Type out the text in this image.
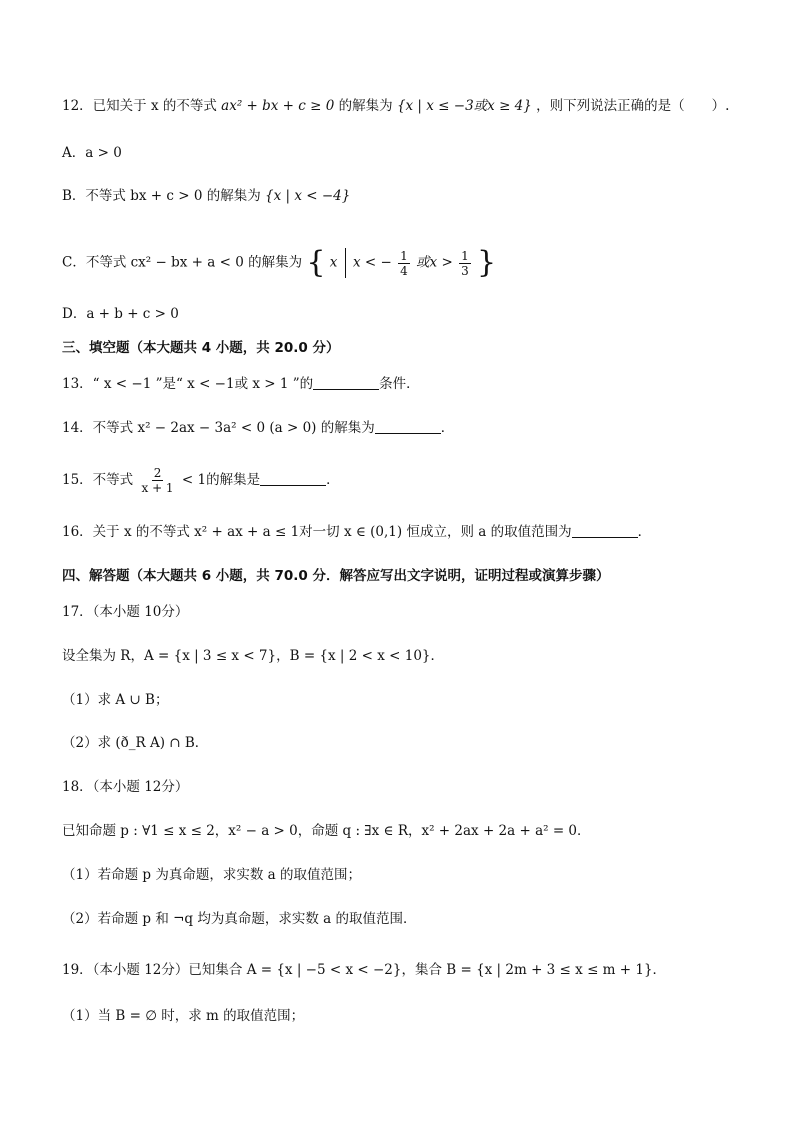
12．已知关于 x 的不等式 ax² + bx + c ≥ 0 的解集为 {x | x ≤ −3或x ≥ 4} ，则下列说法正确的是（　　）.
A．a > 0
B．不等式 bx + c > 0 的解集为 {x | x < −4}
C．不等式 cx² − bx + a < 0 的解集为 { x x < − $\frac{1}{4}$ 或$x > \frac{1}{3}$ }
D．a + b + c > 0
三、填空题（本大题共 4 小题，共 20.0 分）
13．“ x < −1 ”是“ x < −1或 x > 1 ”的	条件．
14．不等式 x² − 2ax − 3a² < 0 (a > 0) 的解集为	．
15．不等式 $\frac{2}{x + 1} < 1$的解集是	．
16．关于 x 的不等式 x² + ax + a ≤ 1对一切 x ∈ (0,1) 恒成立，则 a 的取值范围为	．
四、解答题（本大题共 6 小题，共 70.0 分．解答应写出文字说明，证明过程或演算步骤）
17．（本小题 10分）
设全集为 R，A = {x | 3 ≤ x < 7}，B = {x | 2 < x < 10}．
（1）求 A ∪ B；
（2）求 (ð_R A) ∩ B．
18．（本小题 12分）
已知命题 p : ∀1 ≤ x ≤ 2，x² − a > 0，命题 q : ∃x ∈ R，x² + 2ax + 2a + a² = 0．
（1）若命题 p 为真命题，求实数 a 的取值范围；
（2）若命题 p 和 ¬q 均为真命题，求实数 a 的取值范围．
19．（本小题 12分）已知集合 A = {x | −5 < x < −2}，集合 B = {x | 2m + 3 ≤ x ≤ m + 1}．
（1）当 B = ∅ 时，求 m 的取值范围；
